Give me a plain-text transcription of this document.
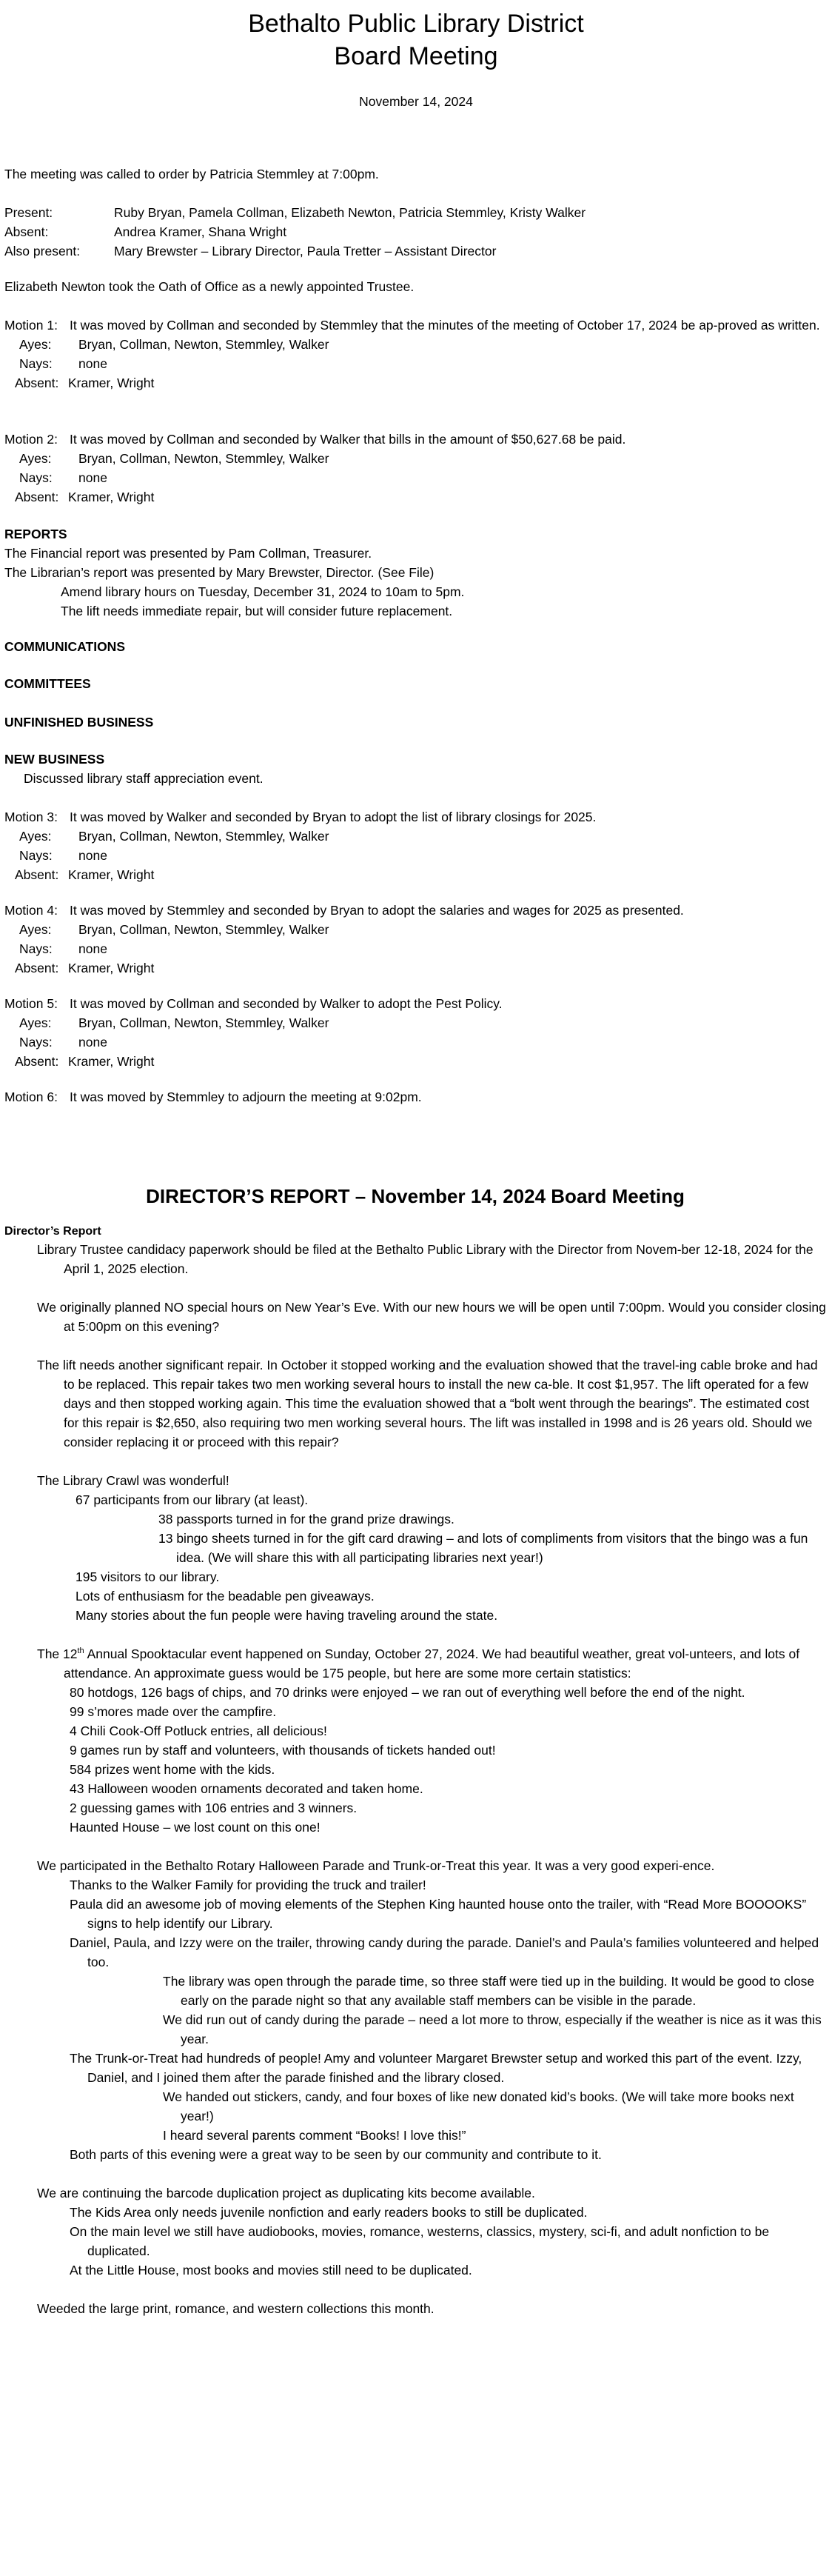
Bethalto Public Library District
Board Meeting
November 14, 2024
The meeting was called to order by Patricia Stemmley at 7:00pm.
Present:	Ruby Bryan, Pamela Collman, Elizabeth Newton, Patricia Stemmley, Kristy Walker
Absent:	Andrea Kramer, Shana Wright
Also present:	Mary Brewster – Library Director, Paula Tretter – Assistant Director
Elizabeth Newton took the Oath of Office as a newly appointed Trustee.
Motion 1: It was moved by Collman and seconded by Stemmley that the minutes of the meeting of October 17, 2024 be ap-proved as written.
Ayes:	Bryan, Collman, Newton, Stemmley, Walker
Nays:	none
Absent: Kramer, Wright
Motion 2: It was moved by Collman and seconded by Walker that bills in the amount of $50,627.68 be paid.
Ayes:	Bryan, Collman, Newton, Stemmley, Walker
Nays:	none
Absent: Kramer, Wright
REPORTS
The Financial report was presented by Pam Collman, Treasurer.
The Librarian’s report was presented by Mary Brewster, Director. (See File)
Amend library hours on Tuesday, December 31, 2024 to 10am to 5pm.
The lift needs immediate repair, but will consider future replacement.
COMMUNICATIONS
COMMITTEES
UNFINISHED BUSINESS
NEW BUSINESS
Discussed library staff appreciation event.
Motion 3: It was moved by Walker and seconded by Bryan to adopt the list of library closings for 2025.
Ayes:	Bryan, Collman, Newton, Stemmley, Walker
Nays:	none
Absent: Kramer, Wright
Motion 4: It was moved by Stemmley and seconded by Bryan to adopt the salaries and wages for 2025 as presented.
Ayes:	Bryan, Collman, Newton, Stemmley, Walker
Nays:	none
Absent: Kramer, Wright
Motion 5: It was moved by Collman and seconded by Walker to adopt the Pest Policy.
Ayes:	Bryan, Collman, Newton, Stemmley, Walker
Nays:	none
Absent: Kramer, Wright
Motion 6: It was moved by Stemmley to adjourn the meeting at 9:02pm.
DIRECTOR’S REPORT – November 14, 2024 Board Meeting
Director’s Report
Library Trustee candidacy paperwork should be filed at the Bethalto Public Library with the Director from Novem-ber 12-18, 2024 for the April 1, 2025 election.
We originally planned NO special hours on New Year’s Eve. With our new hours we will be open until 7:00pm. Would you consider closing at 5:00pm on this evening?
The lift needs another significant repair. In October it stopped working and the evaluation showed that the travel-ing cable broke and had to be replaced. This repair takes two men working several hours to install the new ca-ble. It cost $1,957. The lift operated for a few days and then stopped working again. This time the evaluation showed that a “bolt went through the bearings”. The estimated cost for this repair is $2,650, also requiring two men working several hours. The lift was installed in 1998 and is 26 years old. Should we consider replacing it or proceed with this repair?
The Library Crawl was wonderful!
67 participants from our library (at least).
38 passports turned in for the grand prize drawings.
13 bingo sheets turned in for the gift card drawing – and lots of compliments from visitors that the bingo was a fun idea. (We will share this with all participating libraries next year!)
195 visitors to our library.
Lots of enthusiasm for the beadable pen giveaways.
Many stories about the fun people were having traveling around the state.
The 12th Annual Spooktacular event happened on Sunday, October 27, 2024. We had beautiful weather, great vol-unteers, and lots of attendance. An approximate guess would be 175 people, but here are some more certain statistics:
80 hotdogs, 126 bags of chips, and 70 drinks were enjoyed – we ran out of everything well before the end of the night.
99 s’mores made over the campfire.
4 Chili Cook-Off Potluck entries, all delicious!
9 games run by staff and volunteers, with thousands of tickets handed out!
584 prizes went home with the kids.
43 Halloween wooden ornaments decorated and taken home.
2 guessing games with 106 entries and 3 winners.
Haunted House – we lost count on this one!
We participated in the Bethalto Rotary Halloween Parade and Trunk-or-Treat this year. It was a very good experi-ence.
Thanks to the Walker Family for providing the truck and trailer!
Paula did an awesome job of moving elements of the Stephen King haunted house onto the trailer, with “Read More BOOOOKS” signs to help identify our Library.
Daniel, Paula, and Izzy were on the trailer, throwing candy during the parade. Daniel’s and Paula’s families volunteered and helped too.
The library was open through the parade time, so three staff were tied up in the building. It would be good to close early on the parade night so that any available staff members can be visible in the parade.
We did run out of candy during the parade – need a lot more to throw, especially if the weather is nice as it was this year.
The Trunk-or-Treat had hundreds of people! Amy and volunteer Margaret Brewster setup and worked this part of the event. Izzy, Daniel, and I joined them after the parade finished and the library closed.
We handed out stickers, candy, and four boxes of like new donated kid’s books. (We will take more books next year!)
I heard several parents comment “Books! I love this!”
Both parts of this evening were a great way to be seen by our community and contribute to it.
We are continuing the barcode duplication project as duplicating kits become available.
The Kids Area only needs juvenile nonfiction and early readers books to still be duplicated.
On the main level we still have audiobooks, movies, romance, westerns, classics, mystery, sci-fi, and adult nonfiction to be duplicated.
At the Little House, most books and movies still need to be duplicated.
Weeded the large print, romance, and western collections this month.
